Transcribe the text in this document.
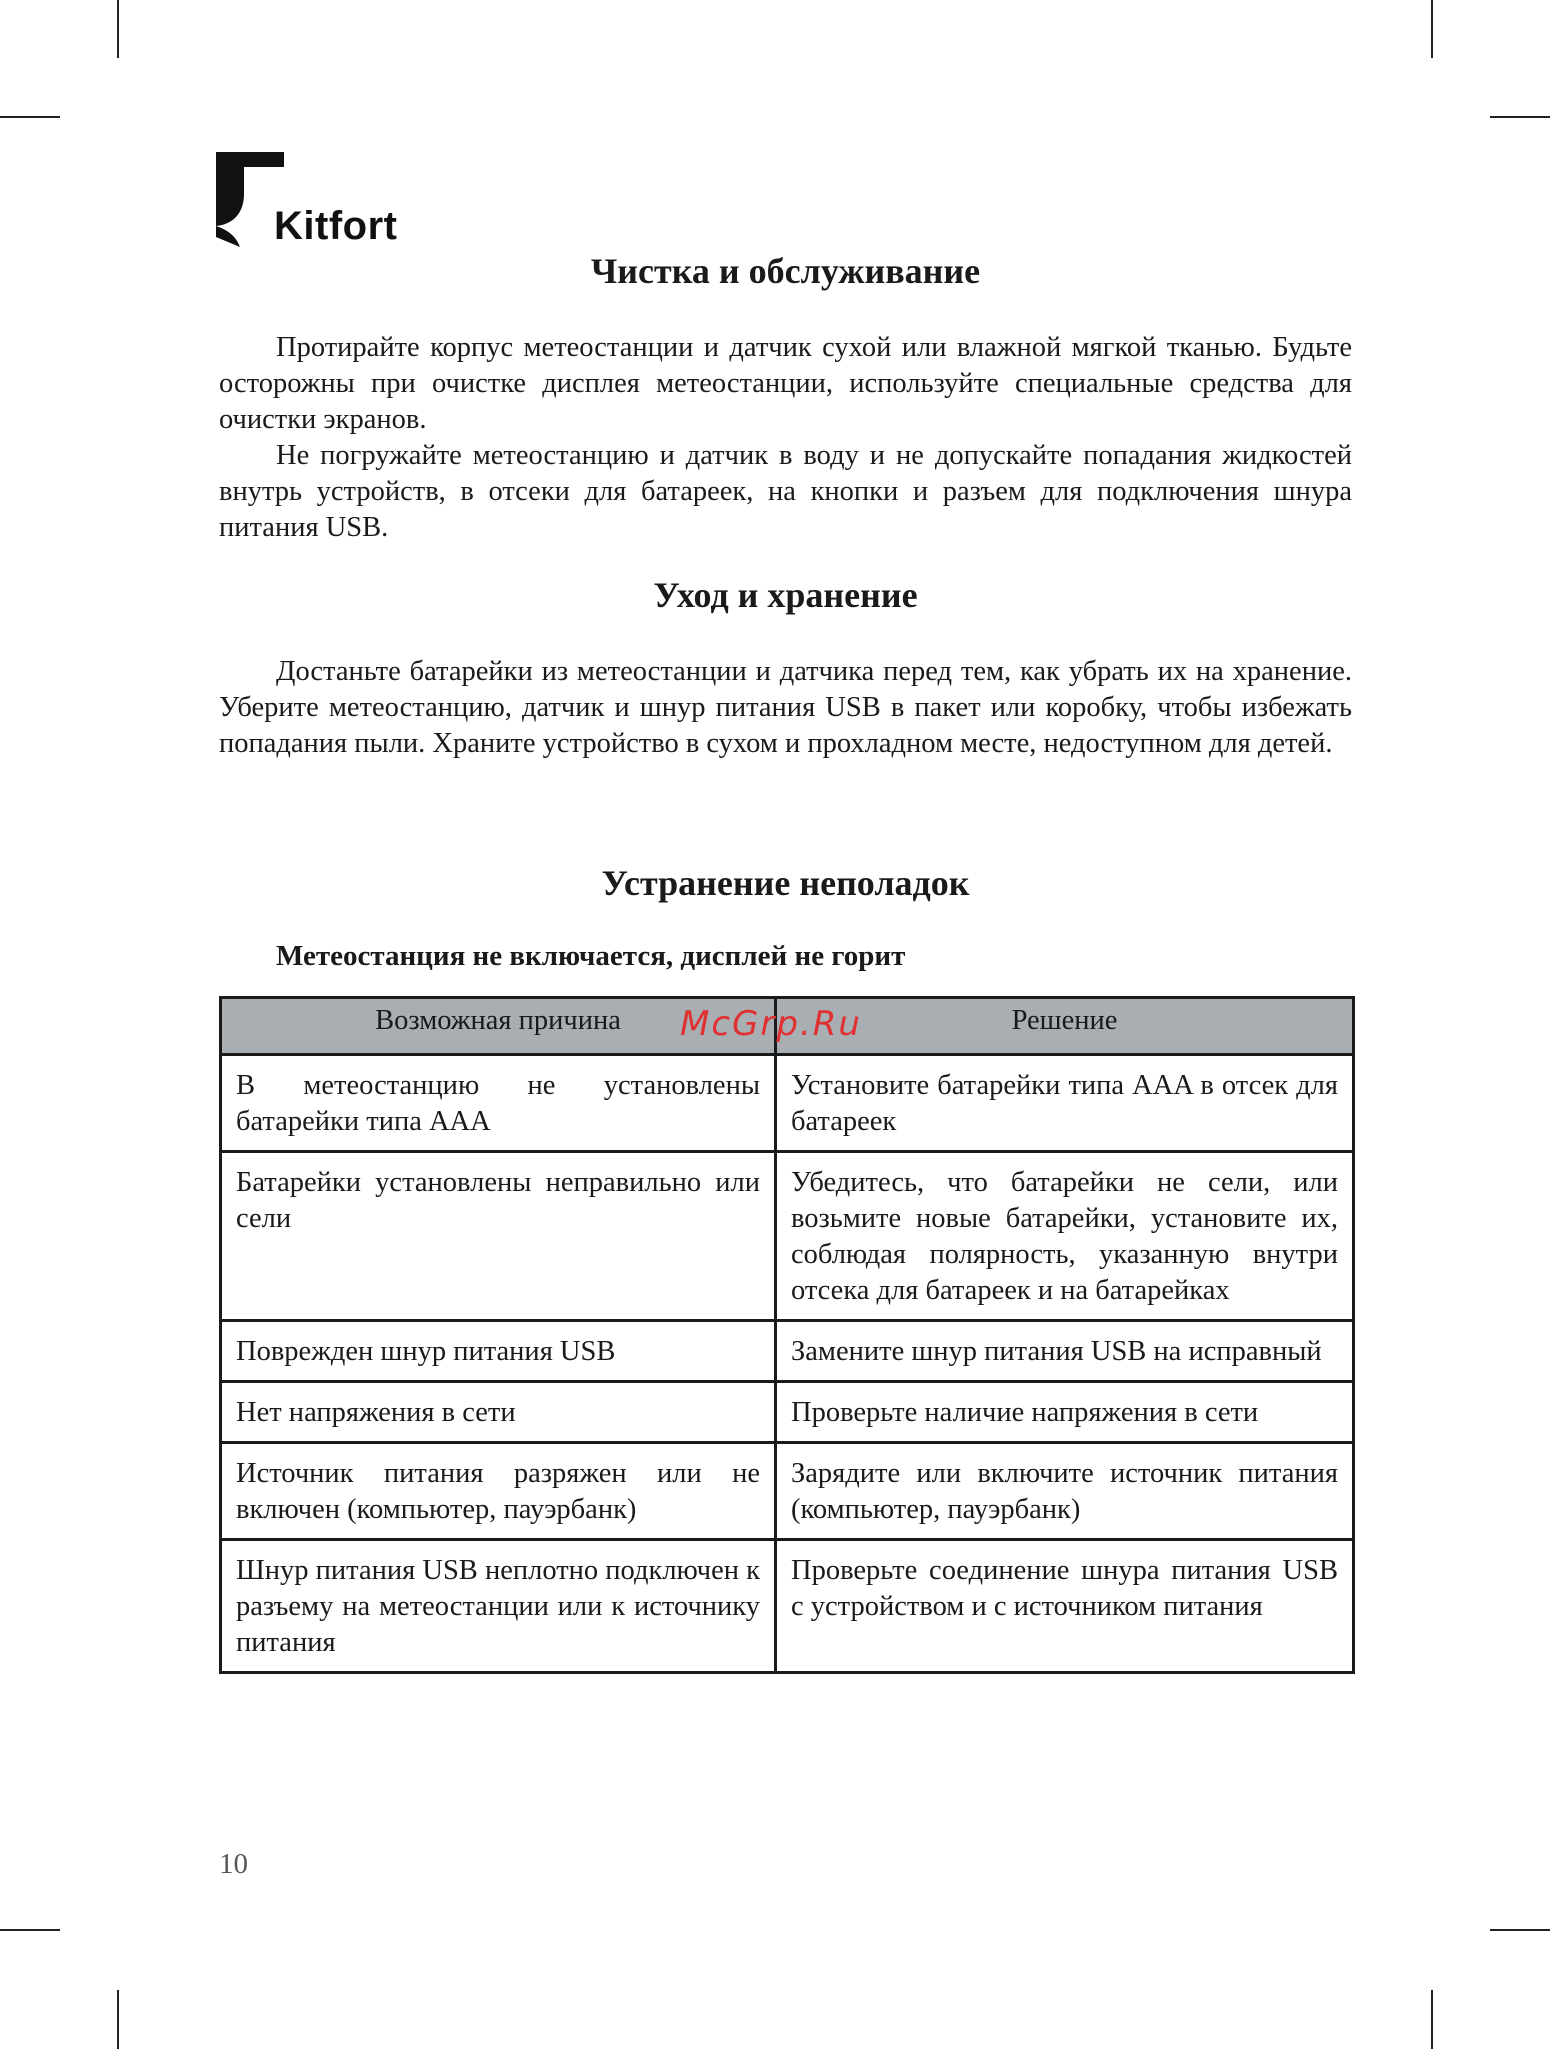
Kitfort
Чистка и обслуживание

Протирайте корпус метеостанции и датчик сухой или влажной мягкой тканью. Будьте осторожны при очистке дисплея метеостанции, используйте специальные средства для очистки экранов.

Не погружайте метеостанцию и датчик в воду и не допускайте попадания жидкостей внутрь устройств, в отсеки для батареек, на кнопки и разъем для подключения шнура питания USB.

Уход и хранение

Достаньте батарейки из метеостанции и датчика перед тем, как убрать их на хранение. Уберите метеостанцию, датчик и шнур питания USB в пакет или коробку, чтобы избежать попадания пыли. Храните устройство в сухом и прохладном месте, недоступном для детей.

Устранение неполадок

Метеостанция не включается, дисплей не горит

Возможная причина	Решение
В метеостанцию не установлены батарейки типа AAA	Установите батарейки типа AAA в отсек для батареек
Батарейки установлены неправильно или сели	Убедитесь, что батарейки не сели, или возьмите новые батарейки, установите их, соблюдая полярность, указанную внутри отсека для батареек и на батарейках
Поврежден шнур питания USB	Замените шнур питания USB на исправный
Нет напряжения в сети	Проверьте наличие напряжения в сети
Источник питания разряжен или не включен (компьютер, пауэрбанк)	Зарядите или включите источник питания (компьютер, пауэрбанк)
Шнур питания USB неплотно подключен к разъему на метеостанции или к источнику питания	Проверьте соединение шнура питания USB с устройством и с источником питания
McGrp.Ru
10
